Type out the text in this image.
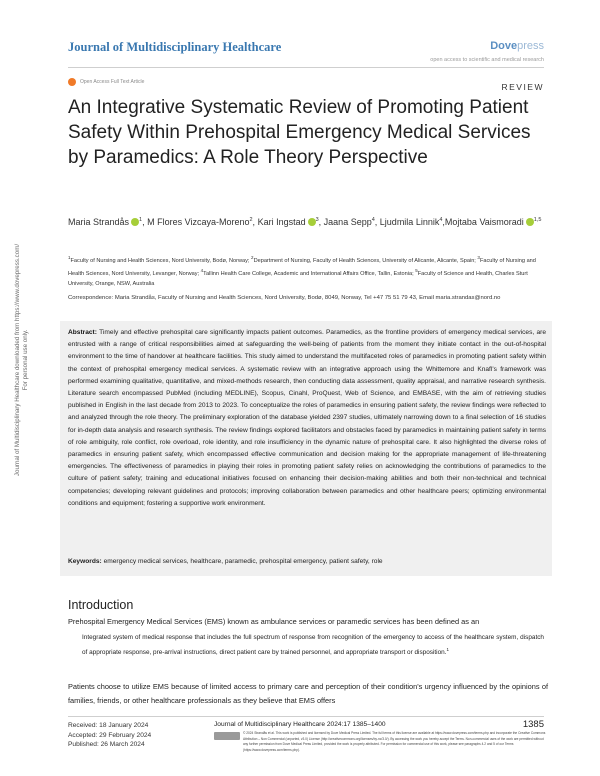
Journal of Multidisciplinary Healthcare downloaded from https://www.dovepress.com/ For personal use only.
Journal of Multidisciplinary Healthcare	Dovepress
open access to scientific and medical research
Open Access Full Text Article	REVIEW
An Integrative Systematic Review of Promoting Patient Safety Within Prehospital Emergency Medical Services by Paramedics: A Role Theory Perspective
Maria Strandås $^1$, M Flores Vizcaya-Moreno$^2$, Kari Ingstad $^3$, Jaana Sepp$^4$, Ljudmila Linnik$^4$,Mojtaba Vaismoradi $^{1,5}$
$^1$Faculty of Nursing and Health Sciences, Nord University, Bodø, Norway; $^2$Department of Nursing, Faculty of Health Sciences, University of Alicante, Alicante, Spain; $^3$Faculty of Nursing and Health Sciences, Nord University, Levanger, Norway; $^4$Tallinn Health Care College, Academic and International Affairs Office, Tallin, Estonia; $^5$Faculty of Science and Health, Charles Sturt University, Orange, NSW, Australia
Correspondence: Maria Strandås, Faculty of Nursing and Health Sciences, Nord University, Bodø, 8049, Norway, Tel +47 75 51 79 43, Email maria.strandas@nord.no
Abstract: Timely and effective prehospital care significantly impacts patient outcomes. Paramedics, as the frontline providers of emergency medical services, are entrusted with a range of critical responsibilities aimed at safeguarding the well-being of patients from the moment they initiate contact in the out-of-hospital environment to the time of handover at healthcare facilities. This study aimed to understand the multifaceted roles of paramedics in promoting patient safety within the context of prehospital emergency medical services. A systematic review with an integrative approach using the Whittemore and Knafl's framework was performed examining qualitative, quantitative, and mixed-methods research, then conducting data assessment, quality appraisal, and narrative research synthesis. Literature search encompassed PubMed (including MEDLINE), Scopus, Cinahl, ProQuest, Web of Science, and EMBASE, with the aim of retrieving studies published in English in the last decade from 2013 to 2023. To conceptualize the roles of paramedics in ensuring patient safety, the review findings were reflected to and analyzed through the role theory. The preliminary exploration of the database yielded 2397 studies, ultimately narrowing down to a final selection of 16 studies for in-depth data analysis and research synthesis. The review findings explored facilitators and obstacles faced by paramedics in maintaining patient safety in terms of role ambiguity, role conflict, role overload, role identity, and role insufficiency in the dynamic nature of prehospital care. It also highlighted the diverse roles of paramedics in ensuring patient safety, which encompassed effective communication and decision making for the appropriate management of life-threatening emergencies. The effectiveness of paramedics in playing their roles in promoting patient safety relies on acknowledging the contributions of paramedics to the culture of patient safety; training and educational initiatives focused on enhancing their decision-making abilities and both their non-technical and technical competencies; developing relevant guidelines and protocols; improving collaboration between paramedics and other healthcare peers; optimizing environmental conditions and equipment; fostering a supportive work environment.
Keywords: emergency medical services, healthcare, paramedic, prehospital emergency, patient safety, role
Introduction

Prehospital Emergency Medical Services (EMS) known as ambulance services or paramedic services has been defined as an

Integrated system of medical response that includes the full spectrum of response from recognition of the emergency to access of the healthcare system, dispatch of appropriate response, pre-arrival instructions, direct patient care by trained personnel, and appropriate transport or disposition.$^1$

Patients choose to utilize EMS because of limited access to primary care and perception of their condition's urgency influenced by the opinions of families, friends, or other healthcare professionals as they believe that EMS offers

Received: 18 January 2024
Accepted: 29 February 2024
Published: 26 March 2024
Journal of Multidisciplinary Healthcare 2024:17 1385–1400	1385
© 2024 Strandås et al. This work is published and licensed by Dove Medical Press Limited. The full terms of this license are available at https://www.dovepress.com/terms.php and incorporate the Creative Commons Attribution – Non Commercial (unported, v3.0) License (http://creativecommons.org/licenses/by-nc/3.0/). By accessing the work you hereby accept the Terms. Non-commercial uses of the work are permitted without any further permission from Dove Medical Press Limited, provided the work is properly attributed. For permission for commercial use of this work, please see paragraphs 4.2 and 5 of our Terms (https://www.dovepress.com/terms.php).
